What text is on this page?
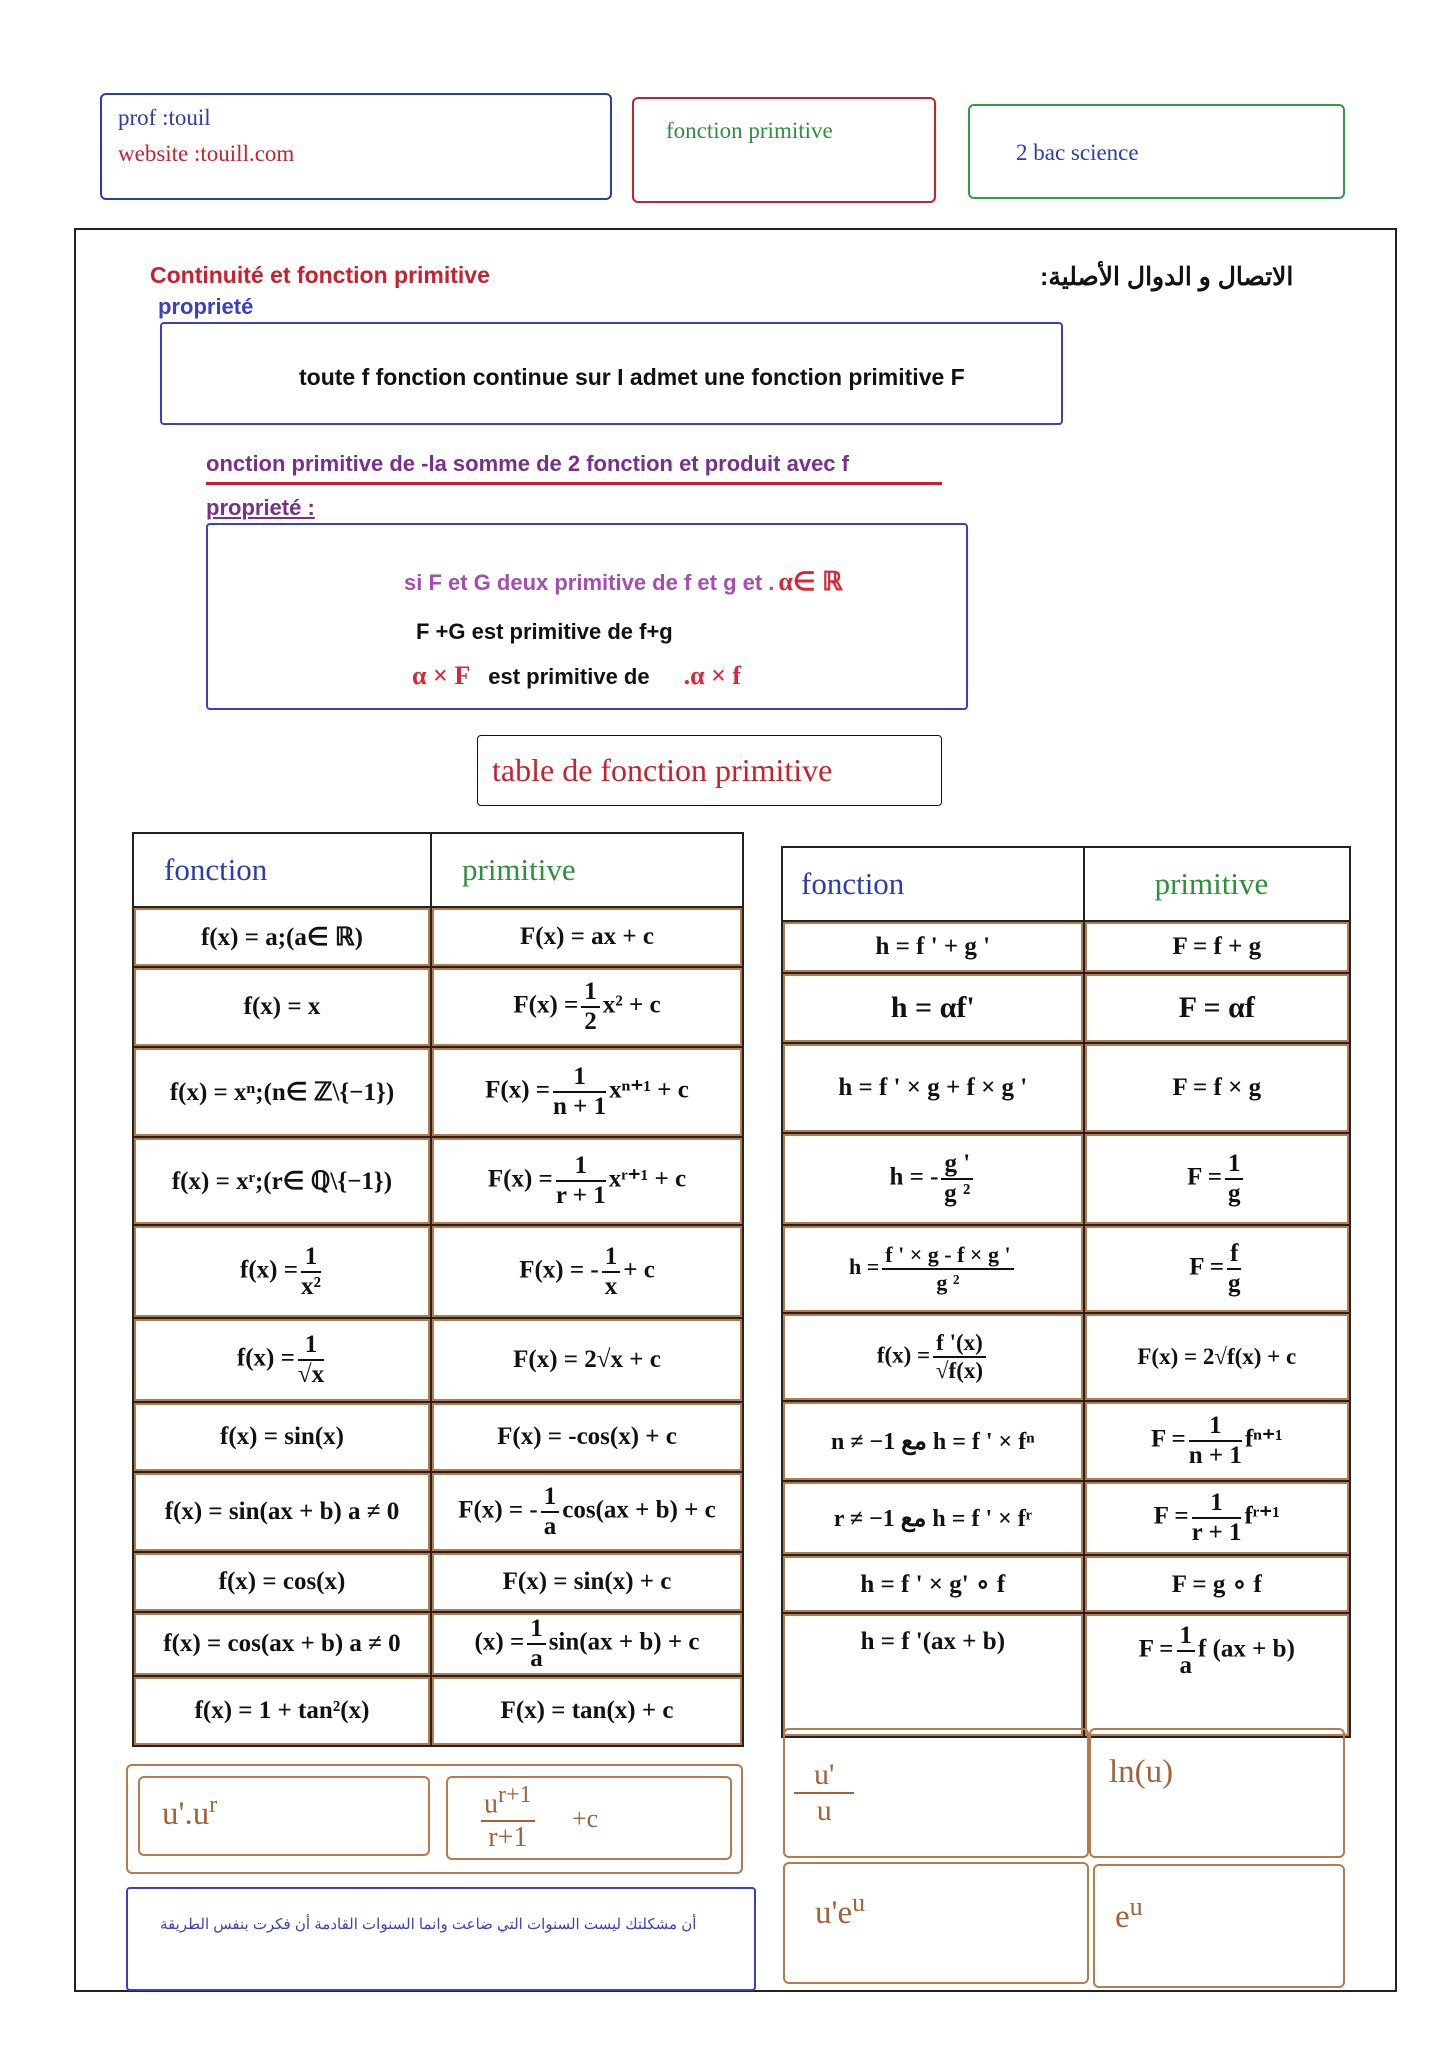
prof :touil
website :touill.com
fonction primitive
2 bac science
Continuité et fonction primitive	الاتصال و الدوال الأصلية:
proprieté
toute f fonction continue sur I admet une fonction primitive F
onction primitive de -la somme de 2 fonction et produit avec f
proprieté :
si F et G deux primitive de f et g et . α∈ ℝ
F +G est primitive de f+g
α × F est primitive de .α × f
table de fonction primitive
fonction	primitive
f(x) = a;(a∈ ℝ)	F(x) = ax + c
f(x) = x	$F(x) = \frac{1}{2} x^2 + c$
f(x) = xⁿ;(n∈ ℤ\{−1})	$F(x) = \frac{1}{n + 1} x^{n+1} + c$
f(x) = xʳ;(r∈ ℚ\{−1})	$F(x) = \frac{1}{r + 1}$ xʳ⁺¹ + c
$f(x) = \frac{1}{\text{x²}}$	F(x) = - $\frac{1}{x} + c$
$f(x) = \frac{1}{√x}$	F(x) = 2√x + c
f(x) = sin(x)	F(x) = -cos(x) + c
f(x) = sin(ax + b) a ≠ 0	F(x) = - $\frac{1}{a} \cos(ax + b) + c$
f(x) = cos(x)	F(x) = sin(x) + c
f(x) = cos(ax + b) a ≠ 0	$(x) = \frac{1}{a} \sin(ax + b) + c$
f(x) = 1 + tan²(x)	F(x) = tan(x) + c
fonction	primitive
h = f ' + g '	F = f + g
h = αf'	F = αf
h = f ' × g + f × g '	F = f × g
h = - $\frac{g '}{\text{g ²}}$	$F = \frac{1}{g}$

$h = \frac{f ' \times g - f \times g '}{\text{g ²}}$	$F = \frac{f}{g}$

$f(x) = \frac{f '(x)}{√f(x)}$	F(x) = 2√f(x) + c
n ≠ −1 مع h = f ' × fⁿ	$F = \frac{1}{n + 1} f^{n+1}$
r ≠ −1 مع h = f ' × fʳ	$F = \frac{1}{r + 1}$ fʳ⁺¹
h = f ' × g' ∘ f	F = g ∘ f
h = f '(ax + b)	$F = \frac{1}{a}$ f (ax + b)
$u'.u^r$	$\frac{u^{r+1}}{r+1} +c$
أن مشكلتك ليست السنوات التي ضاعت وانما السنوات القادمة أن فكرت بنفس الطريقة
$\frac{u'}{u}$	ln(u)
$u'e^u$	$e^u$
